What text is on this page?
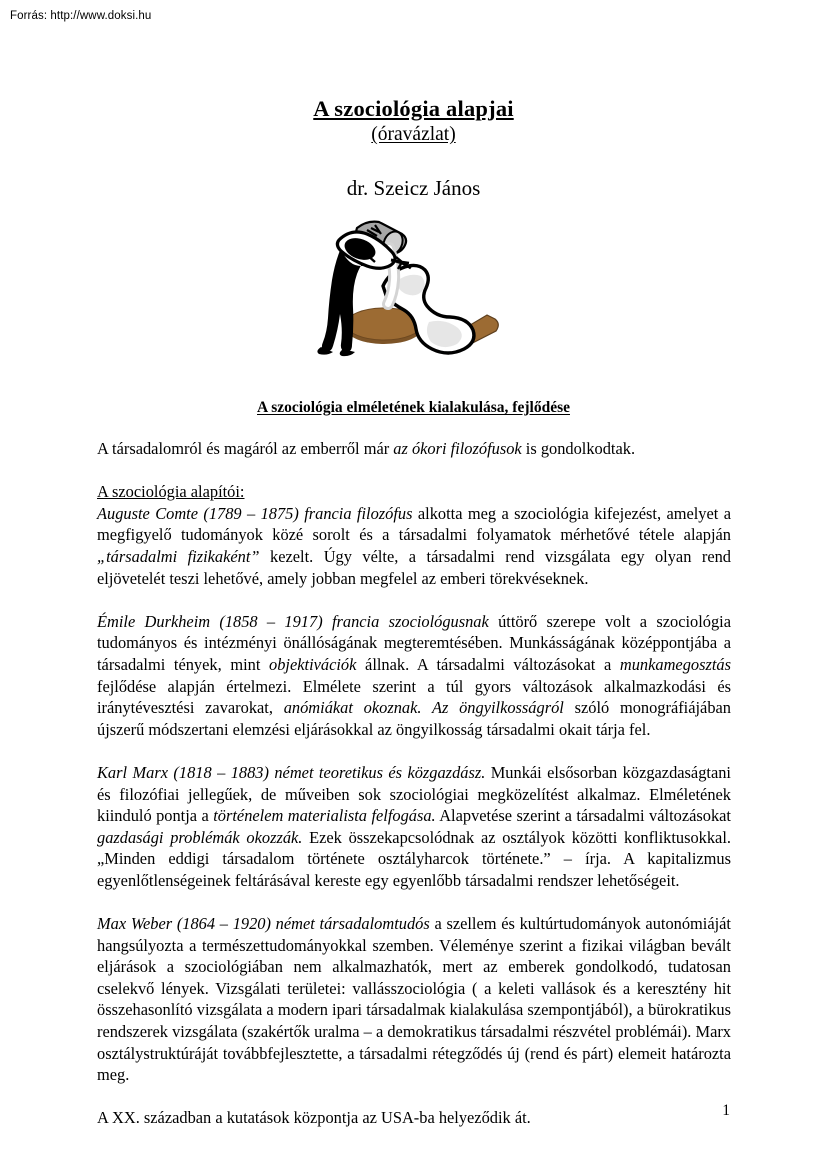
Forrás: http://www.doksi.hu
A szociológia alapjai
(óravázlat)
dr. Szeicz János
A szociológia elméletének kialakulása, fejlődése

A társadalomról és magáról az emberről már az ókori filozófusok is gondolkodtak.

A szociológia alapítói:

Auguste Comte (1789 – 1875) francia filozófus alkotta meg a szociológia kifejezést, amelyet a megfigyelő tudományok közé sorolt és a társadalmi folyamatok mérhetővé tétele alapján „társadalmi fizikaként” kezelt. Úgy vélte, a társadalmi rend vizsgálata egy olyan rend eljövetelét teszi lehetővé, amely jobban megfelel az emberi törekvéseknek.

Émile Durkheim (1858 – 1917) francia szociológusnak úttörő szerepe volt a szociológia tudományos és intézményi önállóságának megteremtésében. Munkásságának középpontjába a társadalmi tények, mint objektivációk állnak. A társadalmi változásokat a munkamegosztás fejlődése alapján értelmezi. Elmélete szerint a túl gyors változások alkalmazkodási és iránytévesztési zavarokat, anómiákat okoznak. Az öngyilkosságról szóló monográfiájában újszerű módszertani elemzési eljárásokkal az öngyilkosság társadalmi okait tárja fel.

Karl Marx (1818 – 1883) német teoretikus és közgazdász. Munkái elsősorban közgazdaságtani és filozófiai jellegűek, de műveiben sok szociológiai megközelítést alkalmaz. Elméletének kiinduló pontja a történelem materialista felfogása. Alapvetése szerint a társadalmi változásokat gazdasági problémák okozzák. Ezek összekapcsolódnak az osztályok közötti konfliktusokkal. „Minden eddigi társadalom története osztályharcok története.” – írja. A kapitalizmus egyenlőtlenségeinek feltárásával kereste egy egyenlőbb társadalmi rendszer lehetőségeit.

Max Weber (1864 – 1920) német társadalomtudós a szellem és kultúrtudományok autonómiáját hangsúlyozta a természettudományokkal szemben. Véleménye szerint a fizikai világban bevált eljárások a szociológiában nem alkalmazhatók, mert az emberek gondolkodó, tudatosan cselekvő lények. Vizsgálati területei: vallásszociológia ( a keleti vallások és a keresztény hit összehasonlító vizsgálata a modern ipari társadalmak kialakulása szempontjából), a bürokratikus rendszerek vizsgálata (szakértők uralma – a demokratikus társadalmi részvétel problémái). Marx osztálystruktúráját továbbfejlesztette, a társadalmi rétegződés új (rend és párt) elemeit határozta meg.

A XX. században a kutatások központja az USA-ba helyeződik át.	1
